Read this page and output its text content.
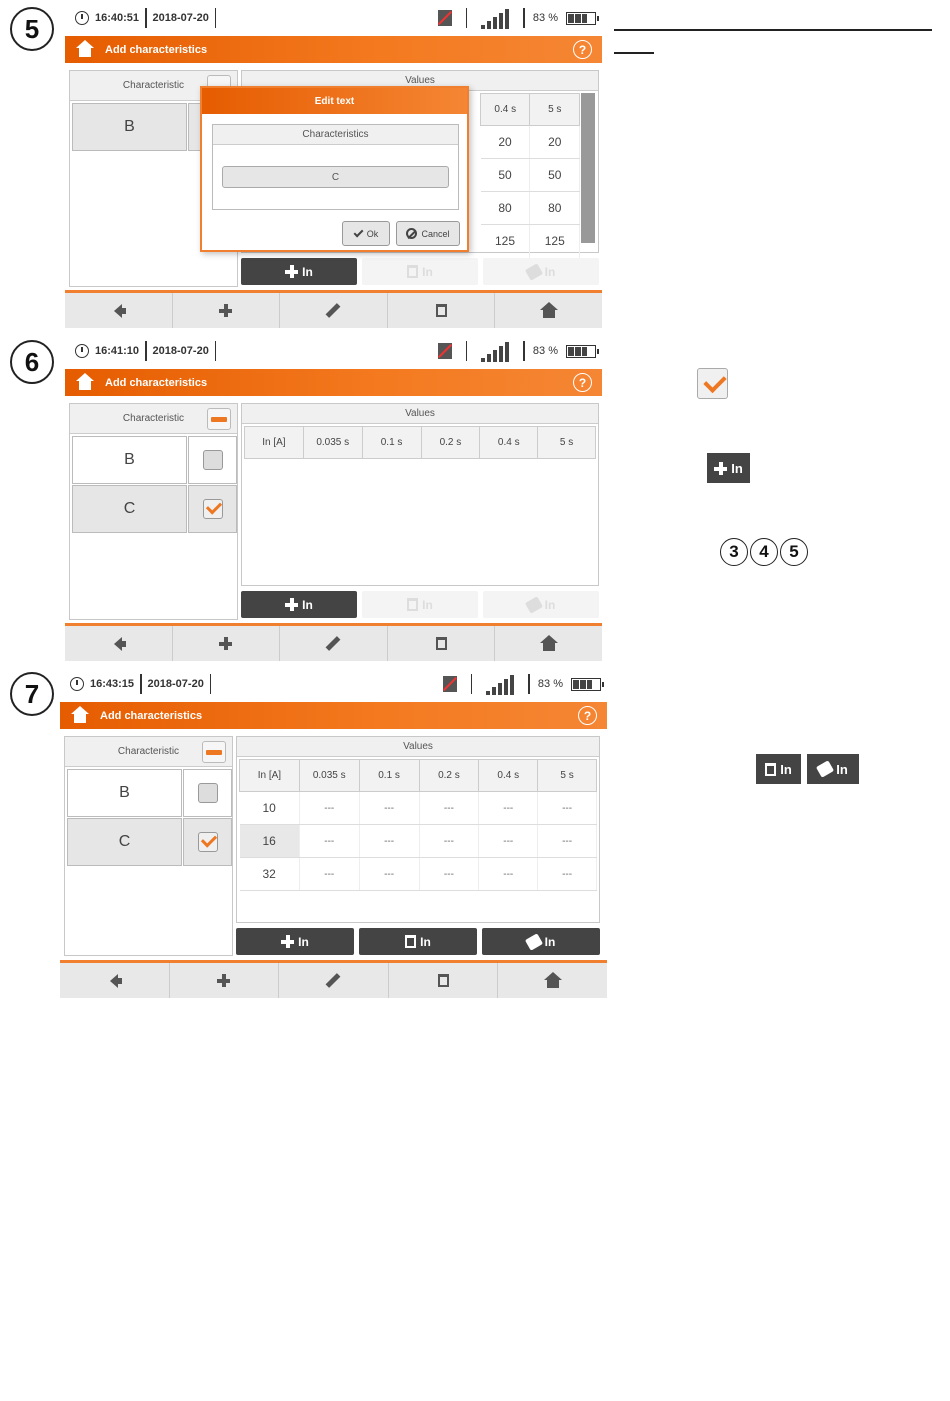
5
6
7
16:40:51 2018-07-20	83 %
Add characteristics	?
Characteristic
B
Values
0.4 s	5 s
20	20
50	50
80	80
125	125
In	In	In
Edit text
Characteristics
C
Ok	Cancel
16:41:10 2018-07-20	83 %
Add characteristics	?
Characteristic
B
C
Values
In [A]	0.035 s	0.1 s	0.2 s	0.4 s	5 s
In	In	In
In
3	4	5
16:43:15 2018-07-20	83 %
Add characteristics	?
Characteristic
B
C
Values
In [A]	0.035 s	0.1 s	0.2 s	0.4 s	5 s
10	---	---	---	---	---
16	---	---	---	---	---
32	---	---	---	---	---
In	In	In
In	In
